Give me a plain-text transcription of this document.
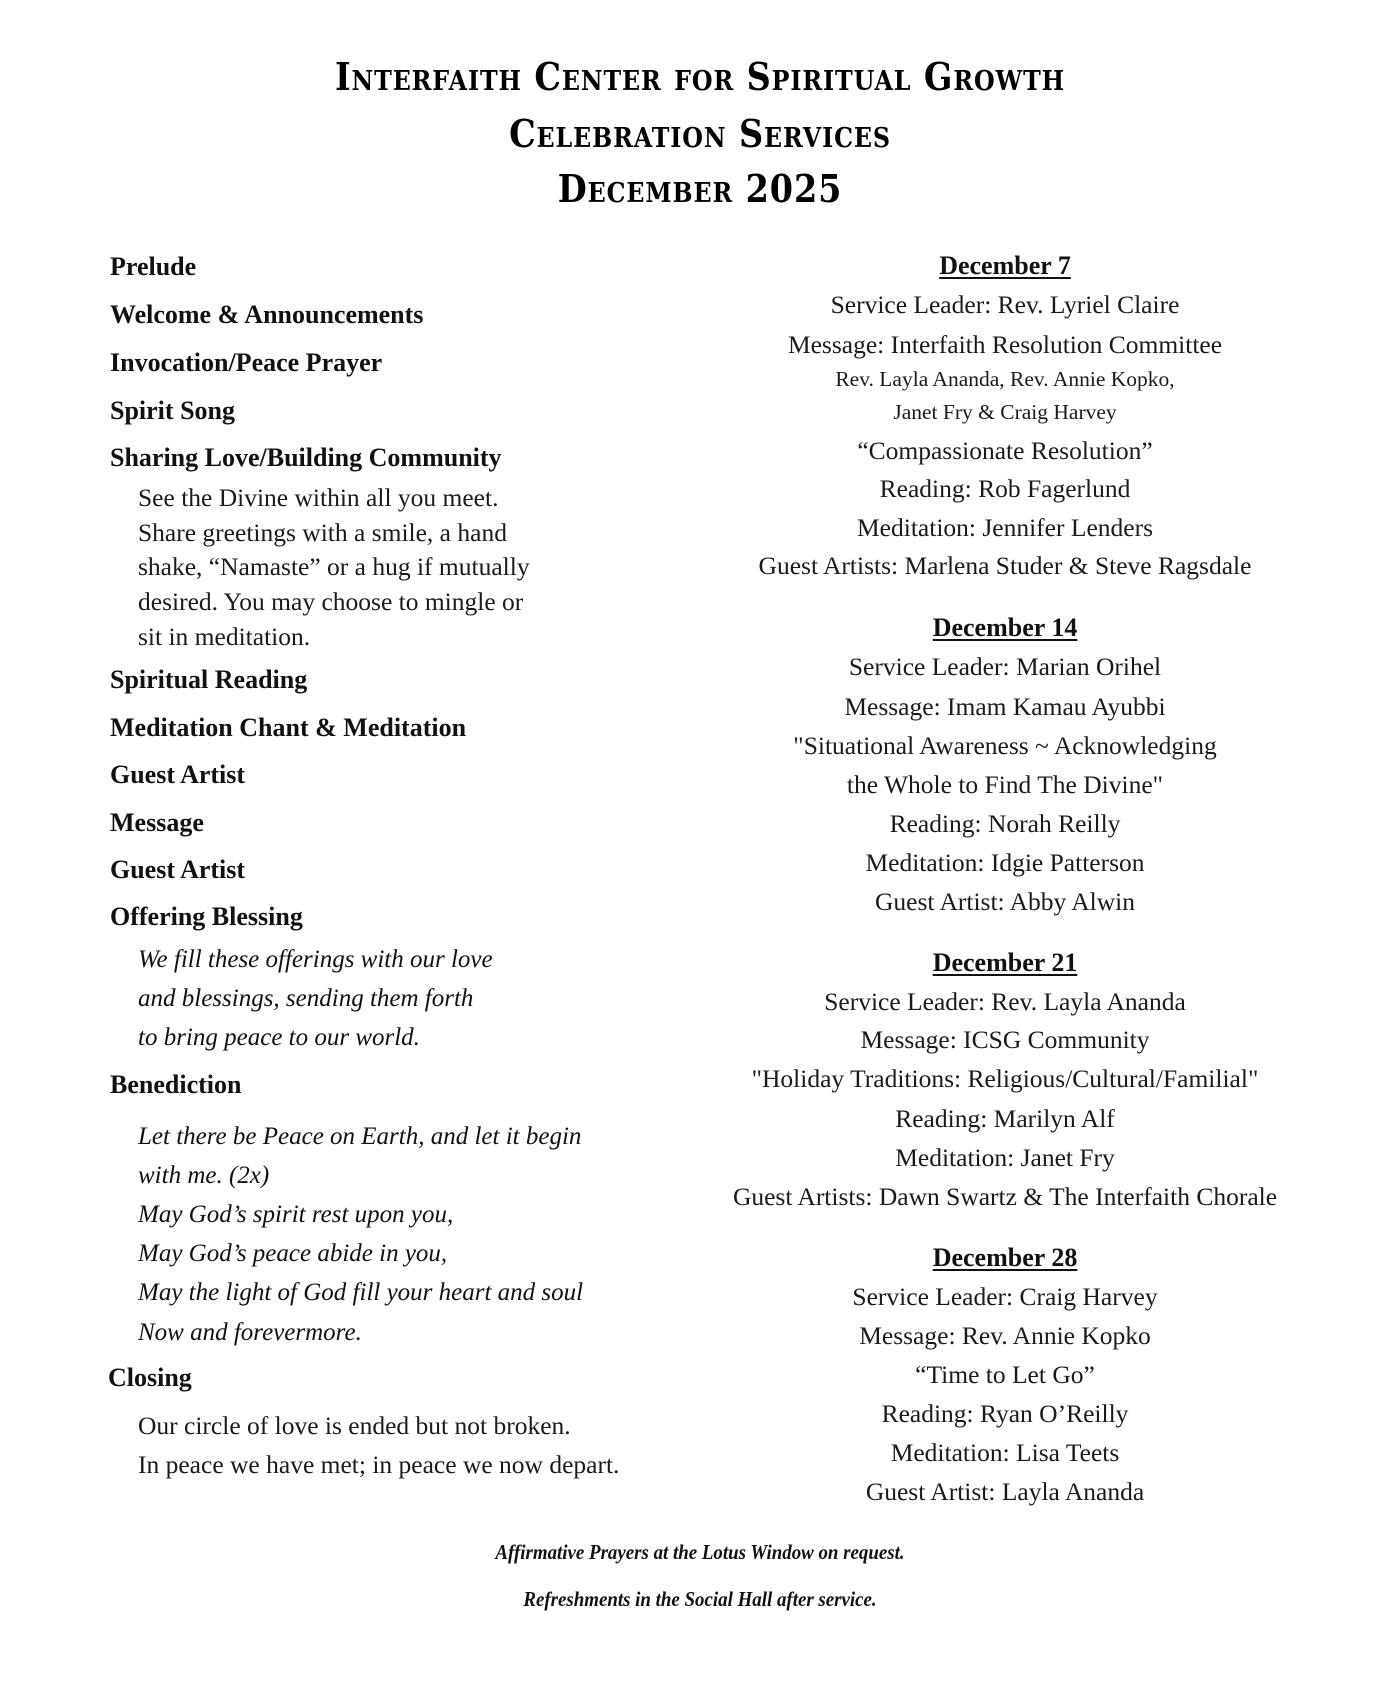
Interfaith Center for Spiritual Growth
Celebration Services
December 2025
Prelude
Welcome & Announcements
Invocation/Peace Prayer
Spirit Song
Sharing Love/Building Community
See the Divine within all you meet.
Share greetings with a smile, a hand
shake, “Namaste” or a hug if mutually
desired. You may choose to mingle or
sit in meditation.
Spiritual Reading
Meditation Chant & Meditation
Guest Artist
Message
Guest Artist
Offering Blessing
We fill these offerings with our love
and blessings, sending them forth
to bring peace to our world.
Benediction
Let there be Peace on Earth, and let it begin
with me. (2x)
May God’s spirit rest upon you,
May God’s peace abide in you,
May the light of God fill your heart and soul
Now and forevermore.
Closing
Our circle of love is ended but not broken.
In peace we have met; in peace we now depart.
December 7
Service Leader: Rev. Lyriel Claire
Message: Interfaith Resolution Committee
Rev. Layla Ananda, Rev. Annie Kopko,
Janet Fry & Craig Harvey
“Compassionate Resolution”
Reading: Rob Fagerlund
Meditation: Jennifer Lenders
Guest Artists: Marlena Studer & Steve Ragsdale
December 14
Service Leader: Marian Orihel
Message: Imam Kamau Ayubbi
"Situational Awareness ~ Acknowledging
the Whole to Find The Divine"
Reading: Norah Reilly
Meditation: Idgie Patterson
Guest Artist: Abby Alwin
December 21
Service Leader: Rev. Layla Ananda
Message: ICSG Community
"Holiday Traditions: Religious/Cultural/Familial"
Reading: Marilyn Alf
Meditation: Janet Fry
Guest Artists: Dawn Swartz & The Interfaith Chorale
December 28
Service Leader: Craig Harvey
Message: Rev. Annie Kopko
“Time to Let Go”
Reading: Ryan O’Reilly
Meditation: Lisa Teets
Guest Artist: Layla Ananda
Affirmative Prayers at the Lotus Window on request.
Refreshments in the Social Hall after service.
